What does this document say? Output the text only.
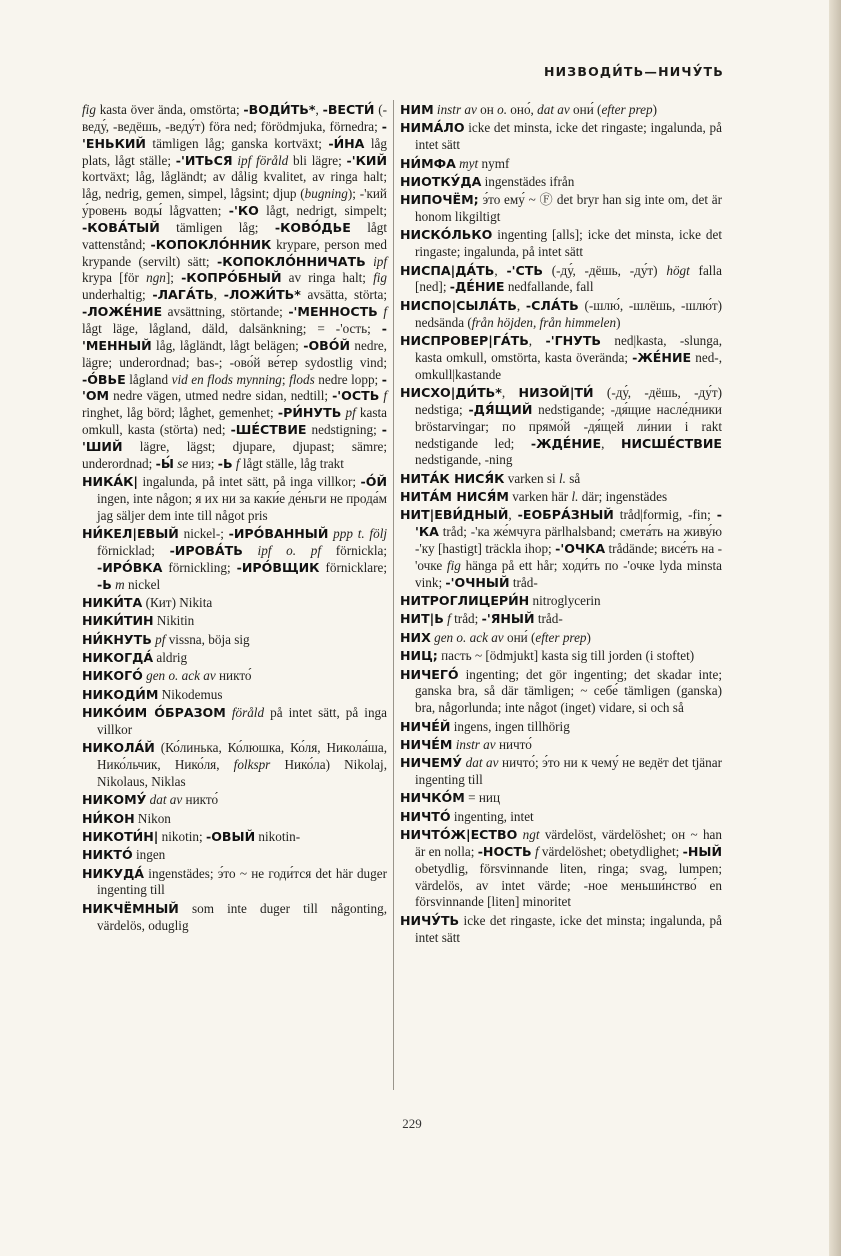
НИЗВОДИ́ТЬ—НИЧУ́ТЬ

fig kasta över ända, omstörta; -ВОДИ́ТЬ*, -ВЕСТИ́ (-веду́, -ведёшь, -веду́т) föra ned; förödmjuka, förnedra; -'ЕНЬКИЙ tämligen låg; ganska kortväxt; -И́НА låg plats, lågt ställe; -'ИТЬСЯ ipf föråld bli lägre; -'КИЙ kortväxt; låg, lågländt; av dålig kvalitet, av ringa halt; låg, nedrig, gemen, simpel, lågsint; djup (bugning); -'кий у́ровень воды́ lågvatten; -'КО lågt, nedrigt, simpelt; -КОВА́ТЫЙ tämligen låg; -КОВО́ДЬЕ lågt vattenstånd; -КОПОКЛО́ННИК krypare, person med krypande (servilt) sätt; -КОПОКЛО́ННИЧАТЬ ipf krypa [för ngn]; -КОПРО́БНЫЙ av ringa halt; fig underhaltig; -ЛАГА́ТЬ, -ЛОЖИ́ТЬ* avsätta, störta; -ЛОЖЕ́НИЕ avsättning, störtande; -'МЕННОСТЬ f lågt läge, lågland, däld, dalsänkning; = -'ость; -'МЕННЫЙ låg, lågländt, lågt belägen; -ОВО́Й nedre, lägre; underordnad; bas-; -ово́й ве́тер sydostlig vind; -О́ВЬЕ lågland vid en flods mynning; flods nedre lopp; -'ОМ nedre vägen, utmed nedre sidan, nedtill; -'ОСТЬ f ringhet, låg börd; låghet, gemenhet; -РИ́НУТЬ pf kasta omkull, kasta (störta) ned; -ШЕ́СТВИЕ nedstigning; -'ШИЙ lägre, lägst; djupare, djupast; sämre; underordnad; -Ы́ se низ; -Ь f lågt ställe, låg trakt

НИКА́К| ingalunda, på intet sätt, på inga villkor; -О́Й ingen, inte någon; я их ни за каки́е де́ньги не прода́м jag säljer dem inte till något pris

НИ́КЕЛ|ЕВЫЙ nickel-; -ИРО́ВАННЫЙ ppp t. följ förnicklad; -ИРОВА́ТЬ ipf o. pf förnickla; -ИРО́ВКА förnickling; -ИРО́ВЩИК förnicklare; -Ь m nickel

НИКИ́ТА (Кит) Nikita

НИКИ́ТИН Nikitin

НИ́КНУТЬ pf vissna, böja sig

НИКОГДА́ aldrig

НИКОГО́ gen o. ack av никто́

НИКОДИ́М Nikodemus

НИКО́ИМ О́БРАЗОМ föråld på intet sätt, på inga villkor

НИКОЛА́Й (Ко́линька, Ко́люшка, Ко́ля, Никола́ша, Нико́льчик, Нико́ля, folkspr Нико́ла) Nikolaj, Nikolaus, Niklas

НИКОМУ́ dat av никто́

НИ́КОН Nikon

НИКОТИ́Н| nikotin; -ОВЫЙ nikotin-

НИКТО́ ingen

НИКУДА́ ingenstädes; э́то ~ не годи́тся det här duger ingenting till

НИКЧЁМНЫЙ som inte duger till någonting, värdelös, oduglig

НИМ instr av он o. оно́, dat av они́ (efter prep)

НИМА́ЛО icke det minsta, icke det ringaste; ingalunda, på intet sätt

НИ́МФА myt nymf

НИОТКУ́ДА ingenstädes ifrån

НИПОЧЁМ; э́то ему́ ~ Ⓕ det bryr han sig inte om, det är honom likgiltigt

НИСКО́ЛЬКО ingenting [alls]; icke det minsta, icke det ringaste; ingalunda, på intet sätt

НИСПА|ДА́ТЬ, -'СТЬ (-ду́, -дёшь, -ду́т) högt falla [ned]; -ДЕ́НИЕ nedfallande, fall

НИСПО|СЫЛА́ТЬ, -СЛА́ТЬ (-шлю́, -шлёшь, -шлю́т) nedsända (från höjden, från himmelen)

НИСПРОВЕР|ГА́ТЬ, -'ГНУТЬ ned|kasta, -slunga, kasta omkull, omstörta, kasta överända; -ЖЕ́НИЕ ned-, omkull|kastande

НИСХО|ДИ́ТЬ*, НИЗОЙ|ТИ́ (-ду́, -дёшь, -ду́т) nedstiga; -ДЯ́ЩИЙ nedstigande; -дя́щие насле́дники bröstarvingar; по прямо́й -дя́щей ли́нии i rakt nedstigande led; -ЖДЕ́НИЕ, НИСШЕ́СТВИЕ nedstigande, -ning

НИТА́К НИСЯ́К varken si l. så

НИТА́М НИСЯ́М varken här l. där; ingenstädes

НИТ|ЕВИ́ДНЫЙ, -ЕОБРА́ЗНЫЙ tråd|formig, -fin; -'КА tråd; -'ка же́мчуга pärlhalsband; смета́ть на живу́ю -'ку [hastigt] träckla ihop; -'ОЧКА trådände; висе́ть на -'очке fig hänga på ett hår; ходи́ть по -'очке lyda minsta vink; -'ОЧНЫЙ tråd-

НИТРОГЛИЦЕРИ́Н nitroglycerin

НИТ|Ь f tråd; -'ЯНЫЙ tråd-

НИХ gen o. ack av они́ (efter prep)

НИЦ; пасть ~ [ödmjukt] kasta sig till jorden (i stoftet)

НИЧЕГО́ ingenting; det gör ingenting; det skadar inte; ganska bra, så där tämligen; ~ себе́ tämligen (ganska) bra, någorlunda; inte något (inget) vidare, si och så

НИЧЕ́Й ingens, ingen tillhörig

НИЧЕ́М instr av ничто́

НИЧЕМУ́ dat av ничто́; э́то ни к чему́ не ведёт det tjänar ingenting till

НИЧКО́М = ниц

НИЧТО́ ingenting, intet

НИЧТО́Ж|ЕСТВО ngt värdelöst, värdelöshet; он ~ han är en nolla; -НОСТЬ f värdelöshet; obetydlighet; -НЫЙ obetydlig, försvinnande liten, ringa; svag, lumpen; värdelös, av intet värde; -ное меньши́нство́ en försvinnande [liten] minoritet

НИЧУ́ТЬ icke det ringaste, icke det minsta; ingalunda, på intet sätt

229
